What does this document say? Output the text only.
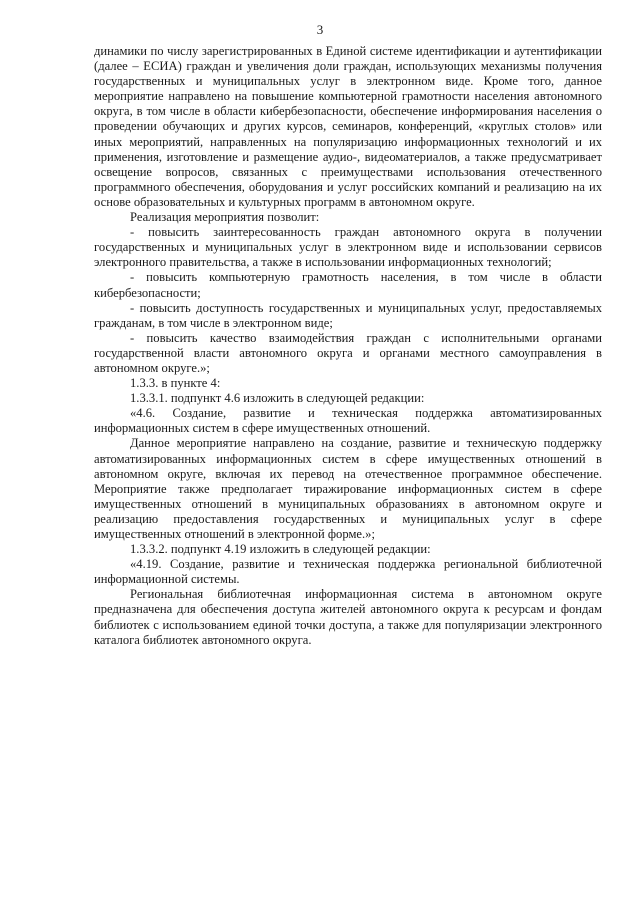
3

динамики по числу зарегистрированных в Единой системе идентификации и аутентификации (далее – ЕСИА) граждан и увеличения доли граждан, использующих механизмы получения государственных и муниципальных услуг в электронном виде. Кроме того, данное мероприятие направлено на повышение компьютерной грамотности населения автономного округа, в том числе в области кибербезопасности, обеспечение информирования населения о проведении обучающих и других курсов, семинаров, конференций, «круглых столов» или иных мероприятий, направленных на популяризацию информационных технологий и их применения, изготовление и размещение аудио-, видеоматериалов, а также предусматривает освещение вопросов, связанных с преимуществами использования отечественного программного обеспечения, оборудования и услуг российских компаний и реализацию на их основе образовательных и культурных программ в автономном округе.

Реализация мероприятия позволит:

- повысить заинтересованность граждан автономного округа в получении государственных и муниципальных услуг в электронном виде и использовании сервисов электронного правительства, а также в использовании информационных технологий;

- повысить компьютерную грамотность населения, в том числе в области кибербезопасности;

- повысить доступность государственных и муниципальных услуг, предоставляемых гражданам, в том числе в электронном виде;

- повысить качество взаимодействия граждан с исполнительными органами государственной власти автономного округа и органами местного самоуправления в автономном округе.»;

1.3.3. в пункте 4:

1.3.3.1. подпункт 4.6 изложить в следующей редакции:

«4.6. Создание, развитие и техническая поддержка автоматизированных информационных систем в сфере имущественных отношений.

Данное мероприятие направлено на создание, развитие и техническую поддержку автоматизированных информационных систем в сфере имущественных отношений в автономном округе, включая их перевод на отечественное программное обеспечение. Мероприятие также предполагает тиражирование информационных систем в сфере имущественных отношений в муниципальных образованиях в автономном округе и реализацию предоставления государственных и муниципальных услуг в сфере имущественных отношений в электронной форме.»;

1.3.3.2. подпункт 4.19 изложить в следующей редакции:

«4.19. Создание, развитие и техническая поддержка региональной библиотечной информационной системы.

Региональная библиотечная информационная система в автономном округе предназначена для обеспечения доступа жителей автономного округа к ресурсам и фондам библиотек с использованием единой точки доступа, а также для популяризации электронного каталога библиотек автономного округа.
